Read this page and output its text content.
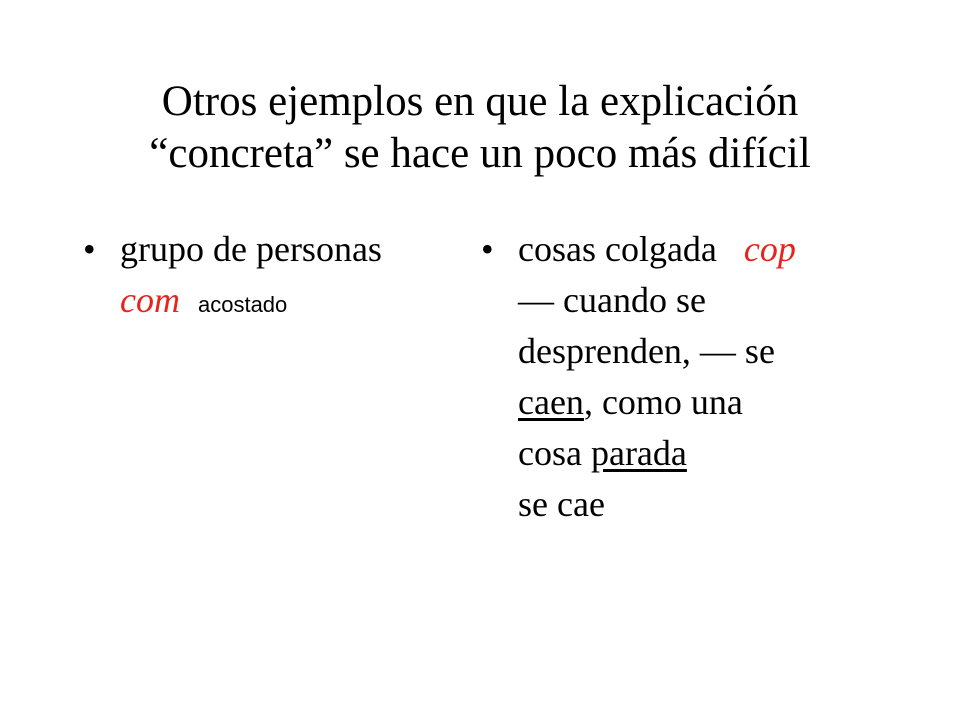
Otros ejemplos en que la explicación
“concreta” se hace un poco más difícil

• grupo de personas
com acostado

• cosas colgada cop
— cuando se
desprenden, — se
caen, como una
cosa parada
se cae
